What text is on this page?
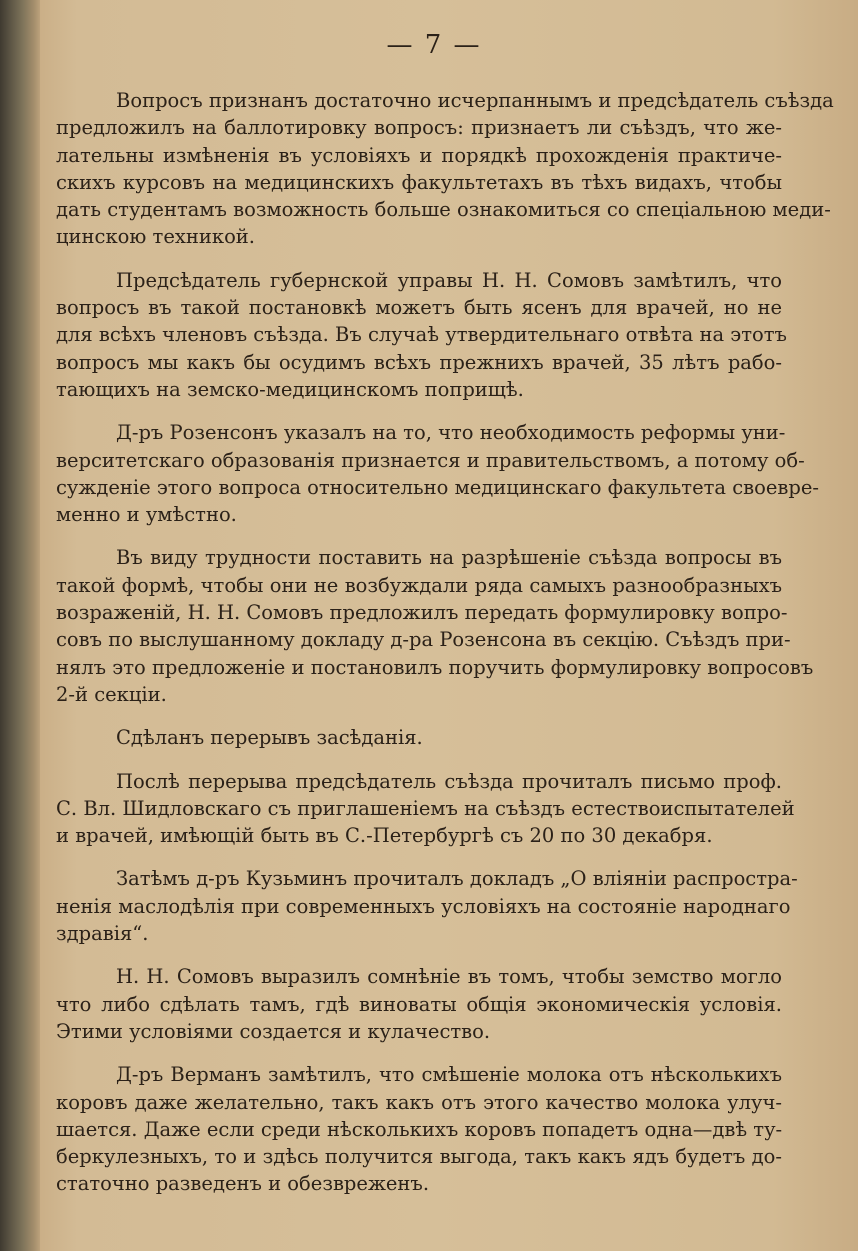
— 7 —

Вопросъ признанъ достаточно исчерпаннымъ и предсѣдатель съѣзда
предложилъ на баллотировку вопросъ: признаетъ ли съѣздъ, что же-
лательны измѣненія въ условіяхъ и порядкѣ прохожденія практиче-
скихъ курсовъ на медицинскихъ факультетахъ въ тѣхъ видахъ, чтобы
дать студентамъ возможность больше ознакомиться со спеціальною меди-
цинскою техникой.

Предсѣдатель губернской управы Н. Н. Сомовъ замѣтилъ, что
вопросъ въ такой постановкѣ можетъ быть ясенъ для врачей, но не
для всѣхъ членовъ съѣзда. Въ случаѣ утвердительнаго отвѣта на этотъ
вопросъ мы какъ бы осудимъ всѣхъ прежнихъ врачей, 35 лѣтъ рабо-
тающихъ на земско-медицинскомъ поприщѣ.

Д-ръ Розенсонъ указалъ на то, что необходимость реформы уни-
верситетскаго образованія признается и правительствомъ, а потому об-
сужденіе этого вопроса относительно медицинскаго факультета своевре-
менно и умѣстно.

Въ виду трудности поставить на разрѣшеніе съѣзда вопросы въ
такой формѣ, чтобы они не возбуждали ряда самыхъ разнообразныхъ
возраженій, Н. Н. Сомовъ предложилъ передать формулировку вопро-
совъ по выслушанному докладу д-ра Розенсона въ секцію. Съѣздъ при-
нялъ это предложеніе и постановилъ поручить формулировку вопросовъ
2-й секціи.

Сдѣланъ перерывъ засѣданія.

Послѣ перерыва предсѣдатель съѣзда прочиталъ письмо проф.
С. Вл. Шидловскаго съ приглашеніемъ на съѣздъ естествоиспытателей
и врачей, имѣющій быть въ С.-Петербургѣ съ 20 по 30 декабря.

Затѣмъ д-ръ Кузьминъ прочиталъ докладъ „О вліяніи распростра-
ненія маслодѣлія при современныхъ условіяхъ на состояніе народнаго
здравія“.

Н. Н. Сомовъ выразилъ сомнѣніе въ томъ, чтобы земство могло
что либо сдѣлать тамъ, гдѣ виноваты общія экономическія условія.
Этими условіями создается и кулачество.

Д-ръ Верманъ замѣтилъ, что смѣшеніе молока отъ нѣсколькихъ
коровъ даже желательно, такъ какъ отъ этого качество молока улуч-
шается. Даже если среди нѣсколькихъ коровъ попадетъ одна—двѣ ту-
беркулезныхъ, то и здѣсь получится выгода, такъ какъ ядъ будетъ до-
статочно разведенъ и обезвреженъ.
